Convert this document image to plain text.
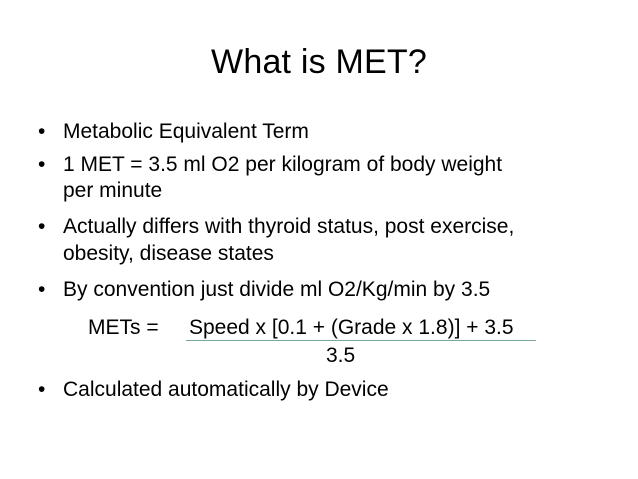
What is MET?
• Metabolic Equivalent Term
• 1 MET = 3.5 ml O2 per kilogram of body weight
per minute
• Actually differs with thyroid status, post exercise,
obesity, disease states
• By convention just divide ml O2/Kg/min by 3.5
METs = Speed x [0.1 + (Grade x 1.8)] + 3.5
3.5
• Calculated automatically by Device
